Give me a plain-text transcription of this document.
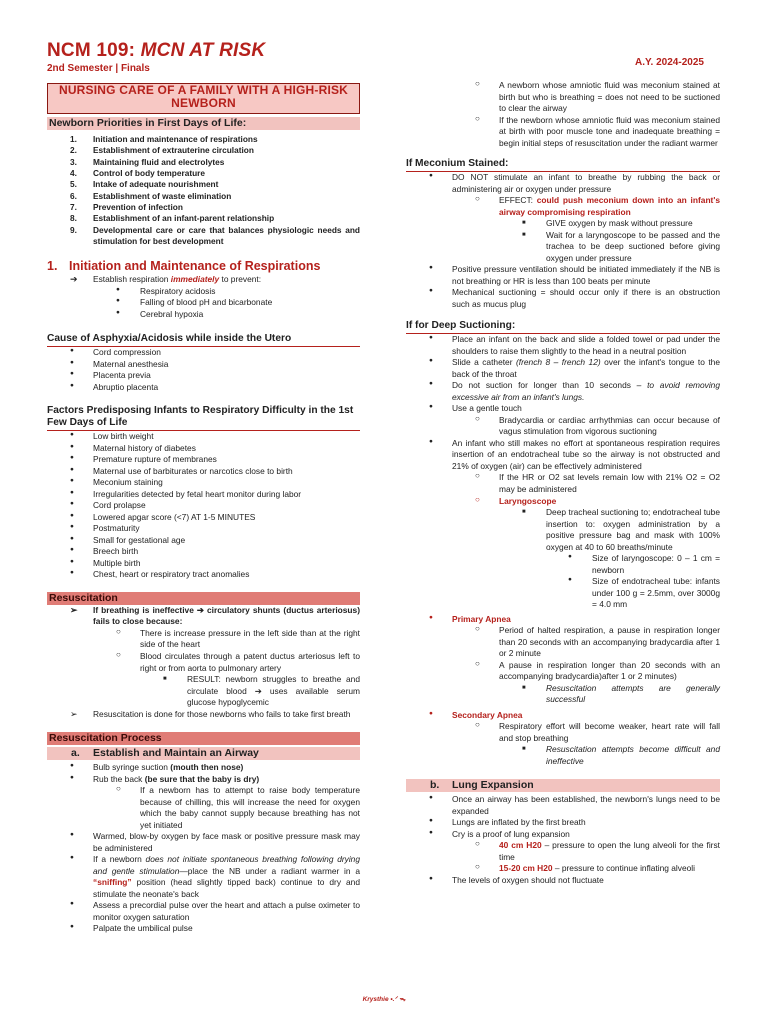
NCM 109: MCN AT RISK
2nd Semester | Finals
A.Y. 2024-2025
NURSING CARE OF A FAMILY WITH A HIGH-RISK NEWBORN
Newborn Priorities in First Days of Life:
1. Initiation and maintenance of respirations
2. Establishment of extrauterine circulation
3. Maintaining fluid and electrolytes
4. Control of body temperature
5. Intake of adequate nourishment
6. Establishment of waste elimination
7. Prevention of infection
8. Establishment of an infant-parent relationship
9. Developmental care or care that balances physiologic needs and stimulation for best development
1. Initiation and Maintenance of Respirations
➔ Establish respiration immediately to prevent:
● Respiratory acidosis
● Falling of blood pH and bicarbonate
● Cerebral hypoxia
Cause of Asphyxia/Acidosis while inside the Utero
● Cord compression
● Maternal anesthesia
● Placenta previa
● Abruptio placenta
Factors Predisposing Infants to Respiratory Difficulty in the 1st Few Days of Life
● Low birth weight
● Maternal history of diabetes
● Premature rupture of membranes
● Maternal use of barbiturates or narcotics close to birth
● Meconium staining
● Irregularities detected by fetal heart monitor during labor
● Cord prolapse
● Lowered apgar score (<7) AT 1-5 MINUTES
● Postmaturity
● Small for gestational age
● Breech birth
● Multiple birth
● Chest, heart or respiratory tract anomalies
Resuscitation
➢ If breathing is ineffective ➔ circulatory shunts (ductus arteriosus) fails to close because:
○ There is increase pressure in the left side than at the right side of the heart
○ Blood circulates through a patent ductus arteriosus left to right or from aorta to pulmonary artery
■ RESULT: newborn struggles to breathe and circulate blood ➔ uses available serum glucose hypoglycemic
➢ Resuscitation is done for those newborns who fails to take first breath
Resuscitation Process
a. Establish and Maintain an Airway
● Bulb syringe suction (mouth then nose)
● Rub the back (be sure that the baby is dry)
○ If a newborn has to attempt to raise body temperature because of chilling, this will increase the need for oxygen which the baby cannot supply because breathing has not yet initiated
● Warmed, blow-by oxygen by face mask or positive pressure mask may be administered
● If a newborn does not initiate spontaneous breathing following drying and gentle stimulation—place the NB under a radiant warmer in a “sniffing” position (head slightly tipped back) continue to dry and stimulate the neonate's back
● Assess a precordial pulse over the heart and attach a pulse oximeter to monitor oxygen saturation
● Palpate the umbilical pulse
○ A newborn whose amniotic fluid was meconium stained at birth but who is breathing = does not need to be suctioned to clear the airway
○ If the newborn whose amniotic fluid was meconium stained at birth with poor muscle tone and inadequate breathing = begin initial steps of resuscitation under the radiant warmer
If Meconium Stained:
● DO NOT stimulate an infant to breathe by rubbing the back or administering air or oxygen under pressure
○ EFFECT: could push meconium down into an infant's airway compromising respiration
■ GIVE oxygen by mask without pressure
■ Wait for a laryngoscope to be passed and the trachea to be deep suctioned before giving oxygen under pressure
● Positive pressure ventilation should be initiated immediately if the NB is not breathing or HR is less than 100 beats per minute
● Mechanical suctioning = should occur only if there is an obstruction such as mucus plug
If for Deep Suctioning:
● Place an infant on the back and slide a folded towel or pad under the shoulders to raise them slightly to the head in a neutral position
● Slide a catheter (french 8 – french 12) over the infant's tongue to the back of the throat
● Do not suction for longer than 10 seconds – to avoid removing excessive air from an infant's lungs.
● Use a gentle touch
○ Bradycardia or cardiac arrhythmias can occur because of vagus stimulation from vigorous suctioning
● An infant who still makes no effort at spontaneous respiration requires insertion of an endotracheal tube so the airway is not obstructed and 21% of oxygen (air) can be effectively administered
○ If the HR or O2 sat levels remain low with 21% O2 = O2 may be administered
○ Laryngoscope
■ Deep tracheal suctioning to; endotracheal tube insertion to: oxygen administration by a positive pressure bag and mask with 100% oxygen at 40 to 60 breaths/minute
● Size of laryngoscope: 0 – 1 cm = newborn
● Size of endotracheal tube: infants under 100 g = 2.5mm, over 3000g = 4.0 mm
● Primary Apnea
○ Period of halted respiration, a pause in respiration longer than 20 seconds with an accompanying bradycardia after 1 or 2 minute
○ A pause in respiration longer than 20 seconds with an accompanying bradycardia)after 1 or 2 minutes)
■ Resuscitation attempts are generally successful
● Secondary Apnea
○ Respiratory effort will become weaker, heart rate will fall and stop breathing
■ Resuscitation attempts become difficult and ineffective
b. Lung Expansion
● Once an airway has been established, the newborn's lungs need to be expanded
● Lungs are inflated by the first breath
● Cry is a proof of lung expansion
○ 40 cm H20 – pressure to open the lung alveoli for the first time
○ 15-20 cm H20 – pressure to continue inflating alveoli
● The levels of oxygen should not fluctuate
Krysthie •.ᐟ ᯓ
